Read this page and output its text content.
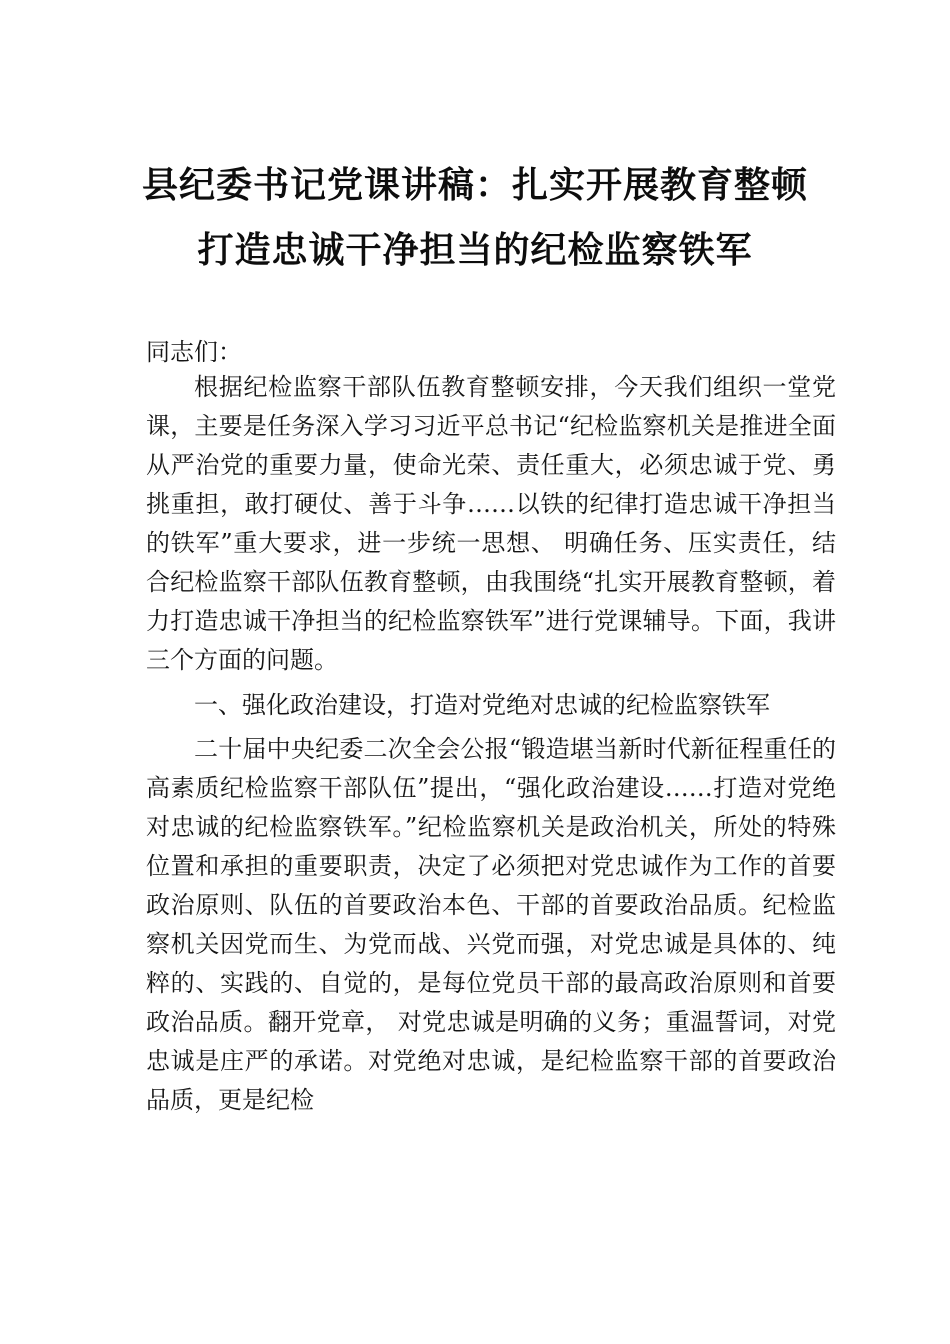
县纪委书记党课讲稿：扎实开展教育整顿
打造忠诚干净担当的纪检监察铁军
同志们：

根据纪检监察干部队伍教育整顿安排，今天我们组织一堂党课，主要是任务深入学习习近平总书记“纪检监察机关是推进全面从严治党的重要力量，使命光荣、责任重大，必须忠诚于党、勇挑重担，敢打硬仗、善于斗争……以铁的纪律打造忠诚干净担当的铁军”重大要求，进一步统一思想、 明确任务、压实责任，结合纪检监察干部队伍教育整顿，由我围绕“扎实开展教育整顿，着力打造忠诚干净担当的纪检监察铁军”进行党课辅导。下面，我讲三个方面的问题。

一、强化政治建设，打造对党绝对忠诚的纪检监察铁军

二十届中央纪委二次全会公报“锻造堪当新时代新征程重任的高素质纪检监察干部队伍”提出，“强化政治建设……打造对党绝对忠诚的纪检监察铁军。”纪检监察机关是政治机关，所处的特殊位置和承担的重要职责，决定了必须把对党忠诚作为工作的首要政治原则、队伍的首要政治本色、干部的首要政治品质。纪检监察机关因党而生、为党而战、兴党而强，对党忠诚是具体的、纯粹的、实践的、自觉的，是每位党员干部的最高政治原则和首要政治品质。翻开党章， 对党忠诚是明确的义务；重温誓词，对党忠诚是庄严的承诺。对党绝对忠诚，是纪检监察干部的首要政治品质，更是纪检
